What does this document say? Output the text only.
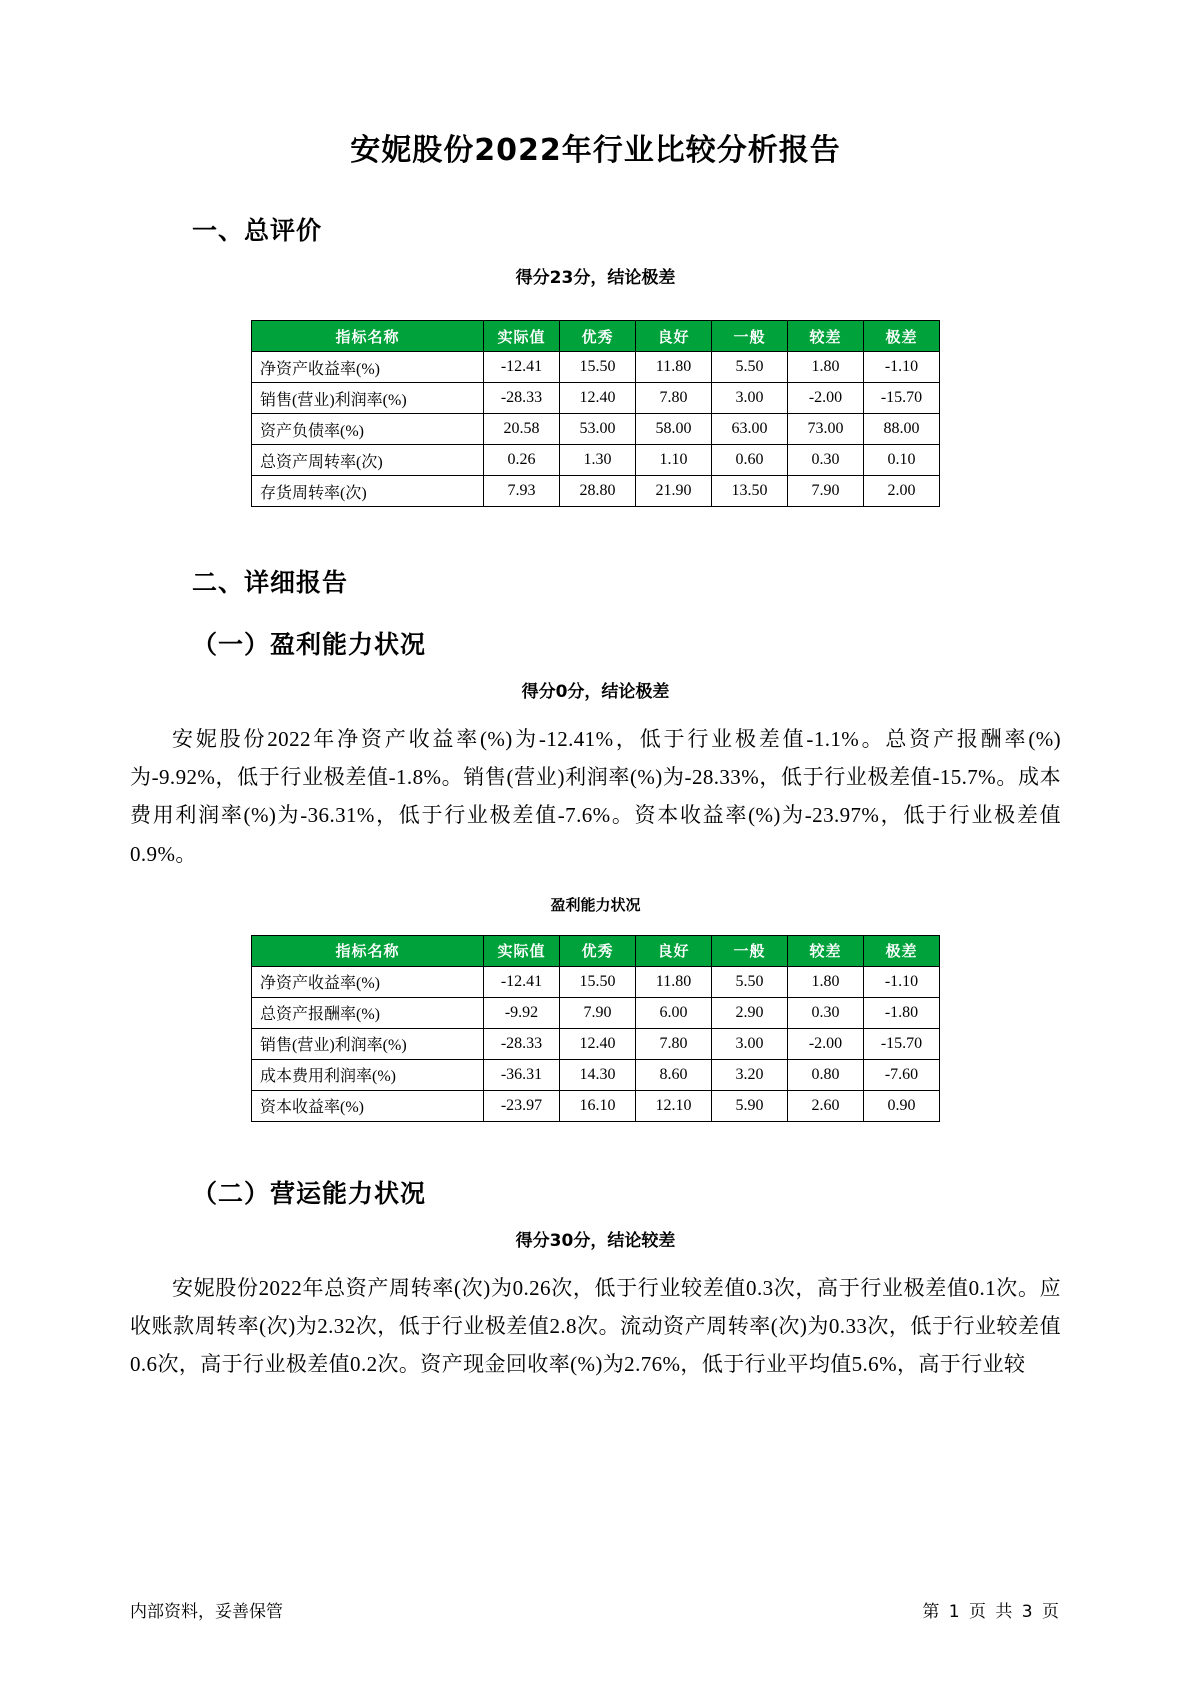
安妮股份2022年行业比较分析报告
一、总评价
得分23分，结论极差
指标名称	实际值	优秀	良好	一般	较差	极差
净资产收益率(%)	-12.41	15.50	11.80	5.50	1.80	-1.10
销售(营业)利润率(%)	-28.33	12.40	7.80	3.00	-2.00	-15.70
资产负债率(%)	20.58	53.00	58.00	63.00	73.00	88.00
总资产周转率(次)	0.26	1.30	1.10	0.60	0.30	0.10
存货周转率(次)	7.93	28.80	21.90	13.50	7.90	2.00
二、详细报告
（一）盈利能力状况
得分0分，结论极差

安妮股份2022年净资产收益率(%)为-12.41%，低于行业极差值-1.1%。总资产报酬率(%)为-9.92%，低于行业极差值-1.8%。销售(营业)利润率(%)为-28.33%，低于行业极差值-15.7%。成本费用利润率(%)为-36.31%，低于行业极差值-7.6%。资本收益率(%)为-23.97%，低于行业极差值0.9%。

盈利能力状况
指标名称	实际值	优秀	良好	一般	较差	极差
净资产收益率(%)	-12.41	15.50	11.80	5.50	1.80	-1.10
总资产报酬率(%)	-9.92	7.90	6.00	2.90	0.30	-1.80
销售(营业)利润率(%)	-28.33	12.40	7.80	3.00	-2.00	-15.70
成本费用利润率(%)	-36.31	14.30	8.60	3.20	0.80	-7.60
资本收益率(%)	-23.97	16.10	12.10	5.90	2.60	0.90
（二）营运能力状况
得分30分，结论较差

安妮股份2022年总资产周转率(次)为0.26次，低于行业较差值0.3次，高于行业极差值0.1次。应收账款周转率(次)为2.32次，低于行业极差值2.8次。流动资产周转率(次)为0.33次，低于行业较差值0.6次，高于行业极差值0.2次。资产现金回收率(%)为2.76%，低于行业平均值5.6%，高于行业较

内部资料，妥善保管	第 1 页 共 3 页
